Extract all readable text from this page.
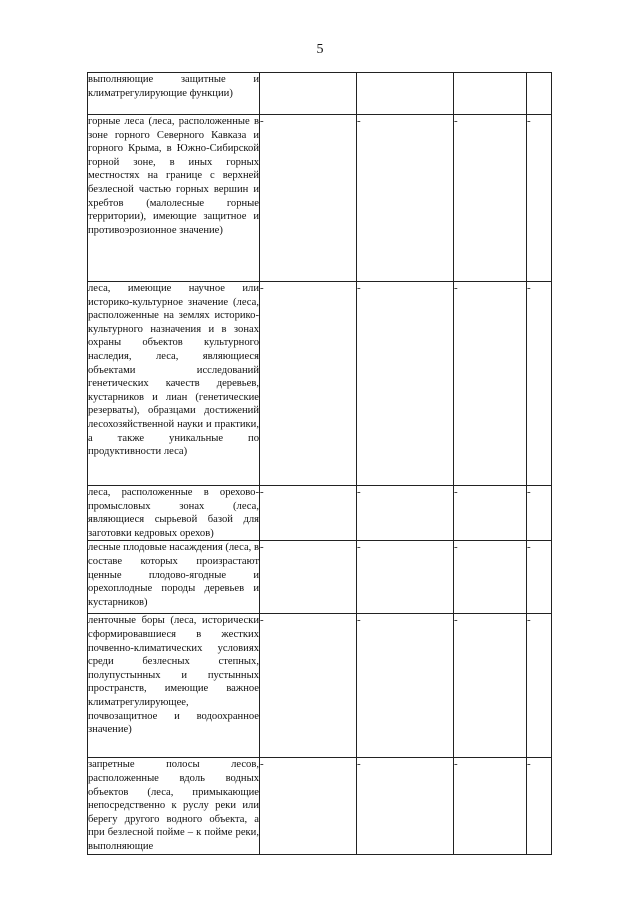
5
выполняющие защитные и климатрегулирующие функции)				

горные леса (леса, расположенные в зоне горного Северного Кавказа и горного Крыма, в Южно-Сибирской горной зоне, в иных горных местностях на границе с верхней безлесной частью горных вершин и хребтов (малолесные горные территории), имеющие защитное и противоэрозионное значение)	-	-	-	-

леса, имеющие научное или историко-культурное значение (леса, расположенные на землях историко-культурного назначения и в зонах охраны объектов культурного наследия, леса, являющиеся объектами исследований генетических качеств деревьев, кустарников и лиан (генетические резерваты), образцами достижений лесохозяйственной науки и практики, а также уникальные по продуктивности леса)	-	-	-	-

леса, расположенные в орехово-промысловых зонах (леса, являющиеся сырьевой базой для заготовки кедровых орехов)	-	-	-	-

лесные плодовые насаждения (леса, в составе которых произрастают ценные плодово-ягодные и орехоплодные породы деревьев и кустарников)	-	-	-	-

ленточные боры (леса, исторически сформировавшиеся в жестких почвенно-климатических условиях среди безлесных степных, полупустынных и пустынных пространств, имеющие важное климатрегулирующее, почвозащитное и водоохранное значение)	-	-	-	-

запретные полосы лесов, расположенные вдоль водных объектов (леса, примыкающие непосредственно к руслу реки или берегу другого водного объекта, а при безлесной пойме – к пойме реки, выполняющие	-	-	-	-
